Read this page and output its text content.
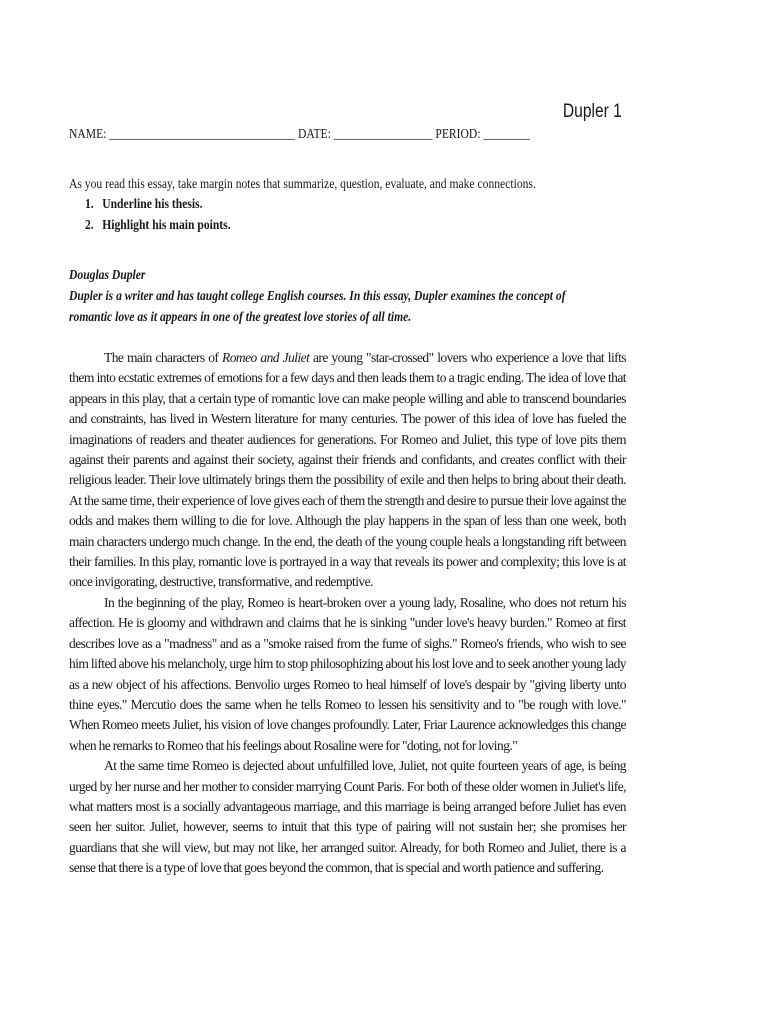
Dupler 1
NAME: ________________________________ DATE: _________________ PERIOD: ________
As you read this essay, take margin notes that summarize, question, evaluate, and make connections.
1. Underline his thesis.
2. Highlight his main points.
Douglas Dupler
Dupler is a writer and has taught college English courses. In this essay, Dupler examines the concept of romantic love as it appears in one of the greatest love stories of all time.

The main characters of Romeo and Juliet are young "star-crossed" lovers who experience a love that lifts them into ecstatic extremes of emotions for a few days and then leads them to a tragic ending. The idea of love that appears in this play, that a certain type of romantic love can make people willing and able to transcend boundaries and constraints, has lived in Western literature for many centuries. The power of this idea of love has fueled the imaginations of readers and theater audiences for generations. For Romeo and Juliet, this type of love pits them against their parents and against their society, against their friends and confidants, and creates conflict with their religious leader. Their love ultimately brings them the possibility of exile and then helps to bring about their death. At the same time, their experience of love gives each of them the strength and desire to pursue their love against the odds and makes them willing to die for love. Although the play happens in the span of less than one week, both main characters undergo much change. In the end, the death of the young couple heals a longstanding rift between their families. In this play, romantic love is portrayed in a way that reveals its power and complexity; this love is at once invigorating, destructive, transformative, and redemptive.

In the beginning of the play, Romeo is heart-broken over a young lady, Rosaline, who does not return his affection. He is gloomy and withdrawn and claims that he is sinking "under love's heavy burden." Romeo at first describes love as a "madness" and as a "smoke raised from the fume of sighs." Romeo's friends, who wish to see him lifted above his melancholy, urge him to stop philosophizing about his lost love and to seek another young lady as a new object of his affections. Benvolio urges Romeo to heal himself of love's despair by "giving liberty unto thine eyes." Mercutio does the same when he tells Romeo to lessen his sensitivity and to "be rough with love." When Romeo meets Juliet, his vision of love changes profoundly. Later, Friar Laurence acknowledges this change when he remarks to Romeo that his feelings about Rosaline were for "doting, not for loving."

At the same time Romeo is dejected about unfulfilled love, Juliet, not quite fourteen years of age, is being urged by her nurse and her mother to consider marrying Count Paris. For both of these older women in Juliet's life, what matters most is a socially advantageous marriage, and this marriage is being arranged before Juliet has even seen her suitor. Juliet, however, seems to intuit that this type of pairing will not sustain her; she promises her guardians that she will view, but may not like, her arranged suitor. Already, for both Romeo and Juliet, there is a sense that there is a type of love that goes beyond the common, that is special and worth patience and suffering.
